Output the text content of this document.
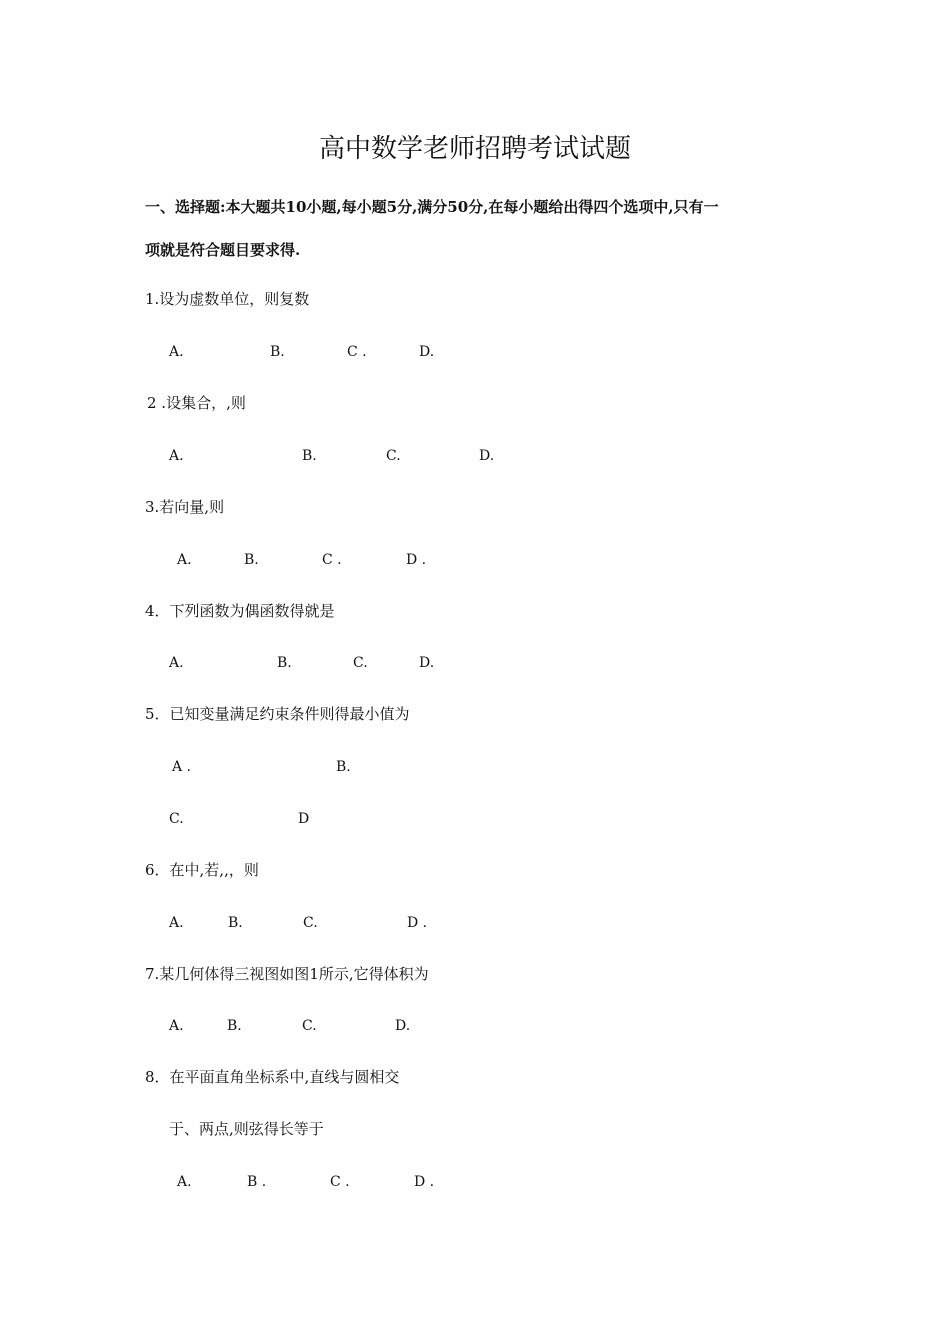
高中数学老师招聘考试试题
一、选择题:本大题共10小题,每小题5分,满分50分,在每小题给出得四个选项中,只有一
项就是符合题目要求得.
1.设为虚数单位，则复数
A.	B.	C .	D.
2 .设集合，,则
A.	B.	C.	D.
3.若向量,则
A.	B.	C .	D .
4．下列函数为偶函数得就是
A.	B.	C.	D.
5．已知变量满足约束条件则得最小值为
A .	B.
C.	D
6．在中,若,,，则
A.	B.	C.	D .
7.某几何体得三视图如图1所示,它得体积为
A.	B.	C.	D.
8．在平面直角坐标系中,直线与圆相交
于、两点,则弦得长等于
A.	B .	C .	D .
